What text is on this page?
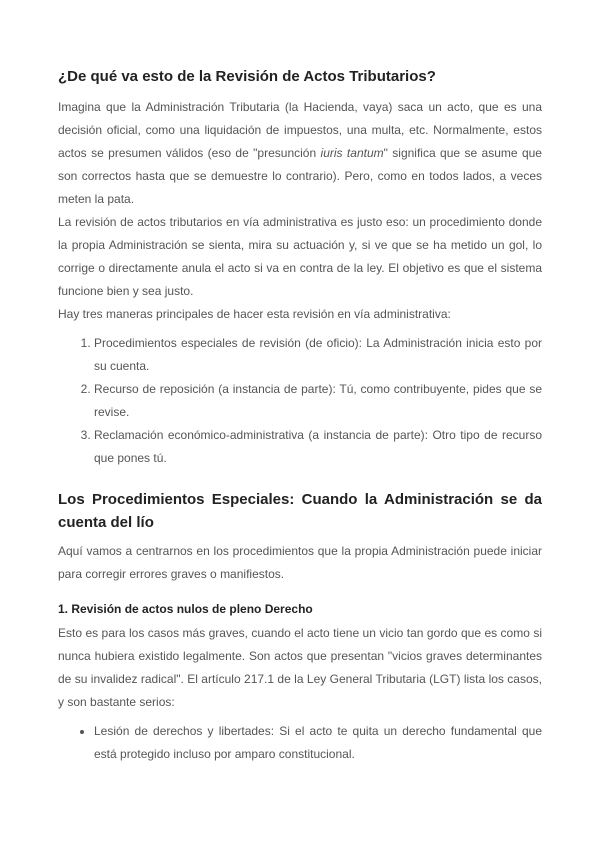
¿De qué va esto de la Revisión de Actos Tributarios?

Imagina que la Administración Tributaria (la Hacienda, vaya) saca un acto, que es una decisión oficial, como una liquidación de impuestos, una multa, etc. Normalmente, estos actos se presumen válidos (eso de "presunción iuris tantum" significa que se asume que son correctos hasta que se demuestre lo contrario). Pero, como en todos lados, a veces meten la pata.

La revisión de actos tributarios en vía administrativa es justo eso: un procedimiento donde la propia Administración se sienta, mira su actuación y, si ve que se ha metido un gol, lo corrige o directamente anula el acto si va en contra de la ley. El objetivo es que el sistema funcione bien y sea justo.

Hay tres maneras principales de hacer esta revisión en vía administrativa:

1. Procedimientos especiales de revisión (de oficio): La Administración inicia esto por su cuenta.
2. Recurso de reposición (a instancia de parte): Tú, como contribuyente, pides que se revise.
3. Reclamación económico-administrativa (a instancia de parte): Otro tipo de recurso que pones tú.
Los Procedimientos Especiales: Cuando la Administración se da cuenta del lío

Aquí vamos a centrarnos en los procedimientos que la propia Administración puede iniciar para corregir errores graves o manifiestos.

1. Revisión de actos nulos de pleno Derecho

Esto es para los casos más graves, cuando el acto tiene un vicio tan gordo que es como si nunca hubiera existido legalmente. Son actos que presentan "vicios graves determinantes de su invalidez radical". El artículo 217.1 de la Ley General Tributaria (LGT) lista los casos, y son bastante serios:

• Lesión de derechos y libertades: Si el acto te quita un derecho fundamental que está protegido incluso por amparo constitucional.
